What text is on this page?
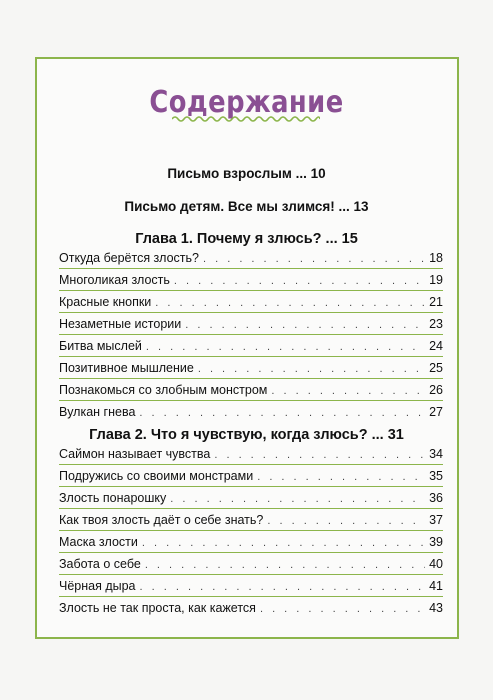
Содержание
Письмо взрослым ... 10
Письмо детям. Все мы злимся! ... 13
Глава 1. Почему я злюсь? ... 15
Откуда берётся злость? . . .	18
Многоликая злость . . .	19
Красные кнопки . . .	21
Незаметные истории . . .	23
Битва мыслей . . .	24
Позитивное мышление . . .	25
Познакомься со злобным монстром . . .	26
Вулкан гнева . . .	27
Глава 2. Что я чувствую, когда злюсь? ... 31
Саймон называет чувства . . .	34
Подружись со своими монстрами . . .	35
Злость понарошку . . .	36
Как твоя злость даёт о себе знать? . . .	37
Маска злости . . .	39
Забота о себе . . .	40
Чёрная дыра . . .	41
Злость не так проста, как кажется . . .	43
